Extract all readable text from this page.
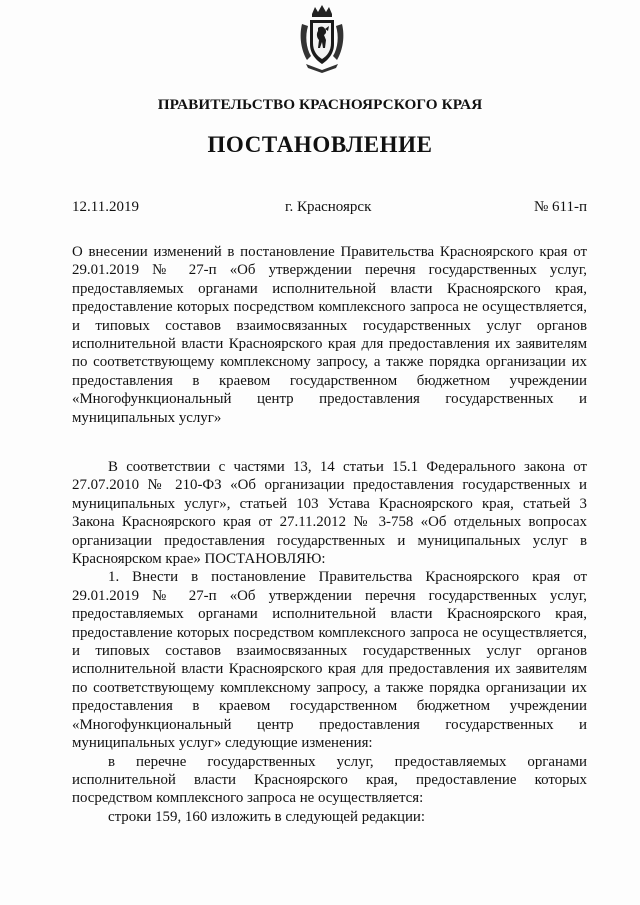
ПРАВИТЕЛЬСТВО КРАСНОЯРСКОГО КРАЯ
ПОСТАНОВЛЕНИЕ
12.11.2019	г. Красноярск	№ 611-п

О внесении изменений в постановление Правительства Красноярского края от 29.01.2019 № 27-п «Об утверждении перечня государственных услуг, предоставляемых органами исполнительной власти Красноярского края, предоставление которых посредством комплексного запроса не осуществляется, и типовых составов взаимосвязанных государственных услуг органов исполнительной власти Красноярского края для предоставления их заявителям по соответствующему комплексному запросу, а также порядка организации их предоставления в краевом государственном бюджетном учреждении «Многофункциональный центр предоставления государственных и муниципальных услуг»

В соответствии с частями 13, 14 статьи 15.1 Федерального закона от 27.07.2010 № 210-ФЗ «Об организации предоставления государственных и муниципальных услуг», статьей 103 Устава Красноярского края, статьей 3 Закона Красноярского края от 27.11.2012 № 3-758 «Об отдельных вопросах организации предоставления государственных и муниципальных услуг в Красноярском крае» ПОСТАНОВЛЯЮ:

1. Внести в постановление Правительства Красноярского края от 29.01.2019 № 27-п «Об утверждении перечня государственных услуг, предоставляемых органами исполнительной власти Красноярского края, предоставление которых посредством комплексного запроса не осуществляется, и типовых составов взаимосвязанных государственных услуг органов исполнительной власти Красноярского края для предоставления их заявителям по соответствующему комплексному запросу, а также порядка организации их предоставления в краевом государственном бюджетном учреждении «Многофункциональный центр предоставления государственных и муниципальных услуг» следующие изменения:

в перечне государственных услуг, предоставляемых органами исполнительной власти Красноярского края, предоставление которых посредством комплексного запроса не осуществляется:

строки 159, 160 изложить в следующей редакции:
